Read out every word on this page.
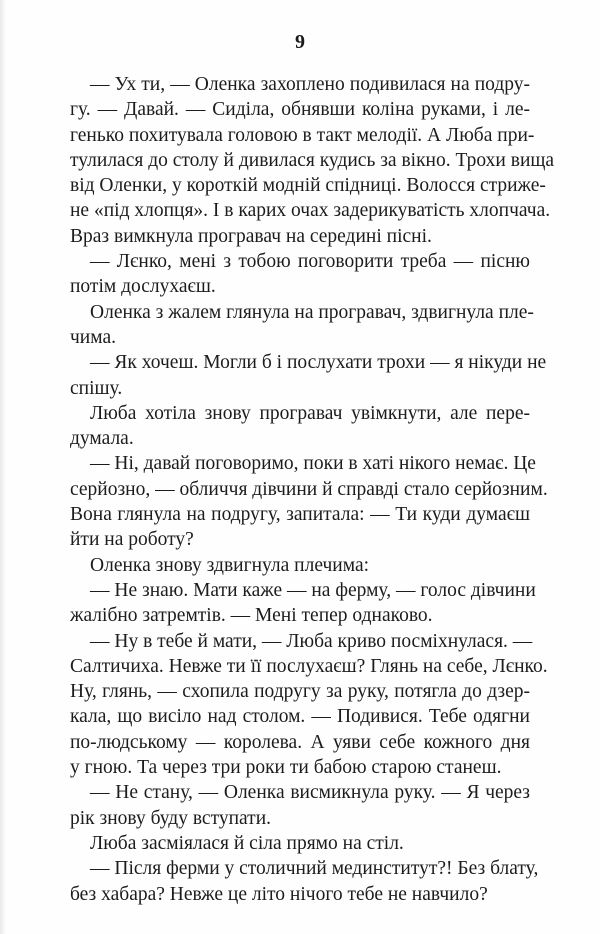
9
— Ух ти, — Оленка захоплено подивилася на подру-
гу. — Давай. — Сиділа, обнявши коліна руками, і ле-
генько похитувала головою в такт мелодії. А Люба при-
тулилася до столу й дивилася кудись за вікно. Трохи вища
від Оленки, у короткій модній спідниці. Волосся стриже-
не «під хлопця». І в карих очах задерикуватість хлопчача.
Враз вимкнула програвач на середині пісні.
— Лєнко, мені з тобою поговорити треба — пісню
потім дослухаєш.
Оленка з жалем глянула на програвач, здвигнула пле-
чима.
— Як хочеш. Могли б і послухати трохи — я нікуди не
спішу.
Люба хотіла знову програвач увімкнути, але пере-
думала.
— Ні, давай поговоримо, поки в хаті нікого немає. Це
серйозно, — обличчя дівчини й справді стало серйозним.
Вона глянула на подругу, запитала: — Ти куди думаєш
йти на роботу?
Оленка знову здвигнула плечима:
— Не знаю. Мати каже — на ферму, — голос дівчини
жалібно затремтів. — Мені тепер однаково.
— Ну в тебе й мати, — Люба криво посміхнулася. —
Салтичиха. Невже ти її послухаєш? Глянь на себе, Лєнко.
Ну, глянь, — схопила подругу за руку, потягла до дзер-
кала, що висіло над столом. — Подивися. Тебе одягни
по-людському — королева. А уяви себе кожного дня
у гною. Та через три роки ти бабою старою станеш.
— Не стану, — Оленка висмикнула руку. — Я через
рік знову буду вступати.
Люба засміялася й сіла прямо на стіл.
— Після ферми у столичний мединститут?! Без блату,
без хабара? Невже це літо нічого тебе не навчило?
